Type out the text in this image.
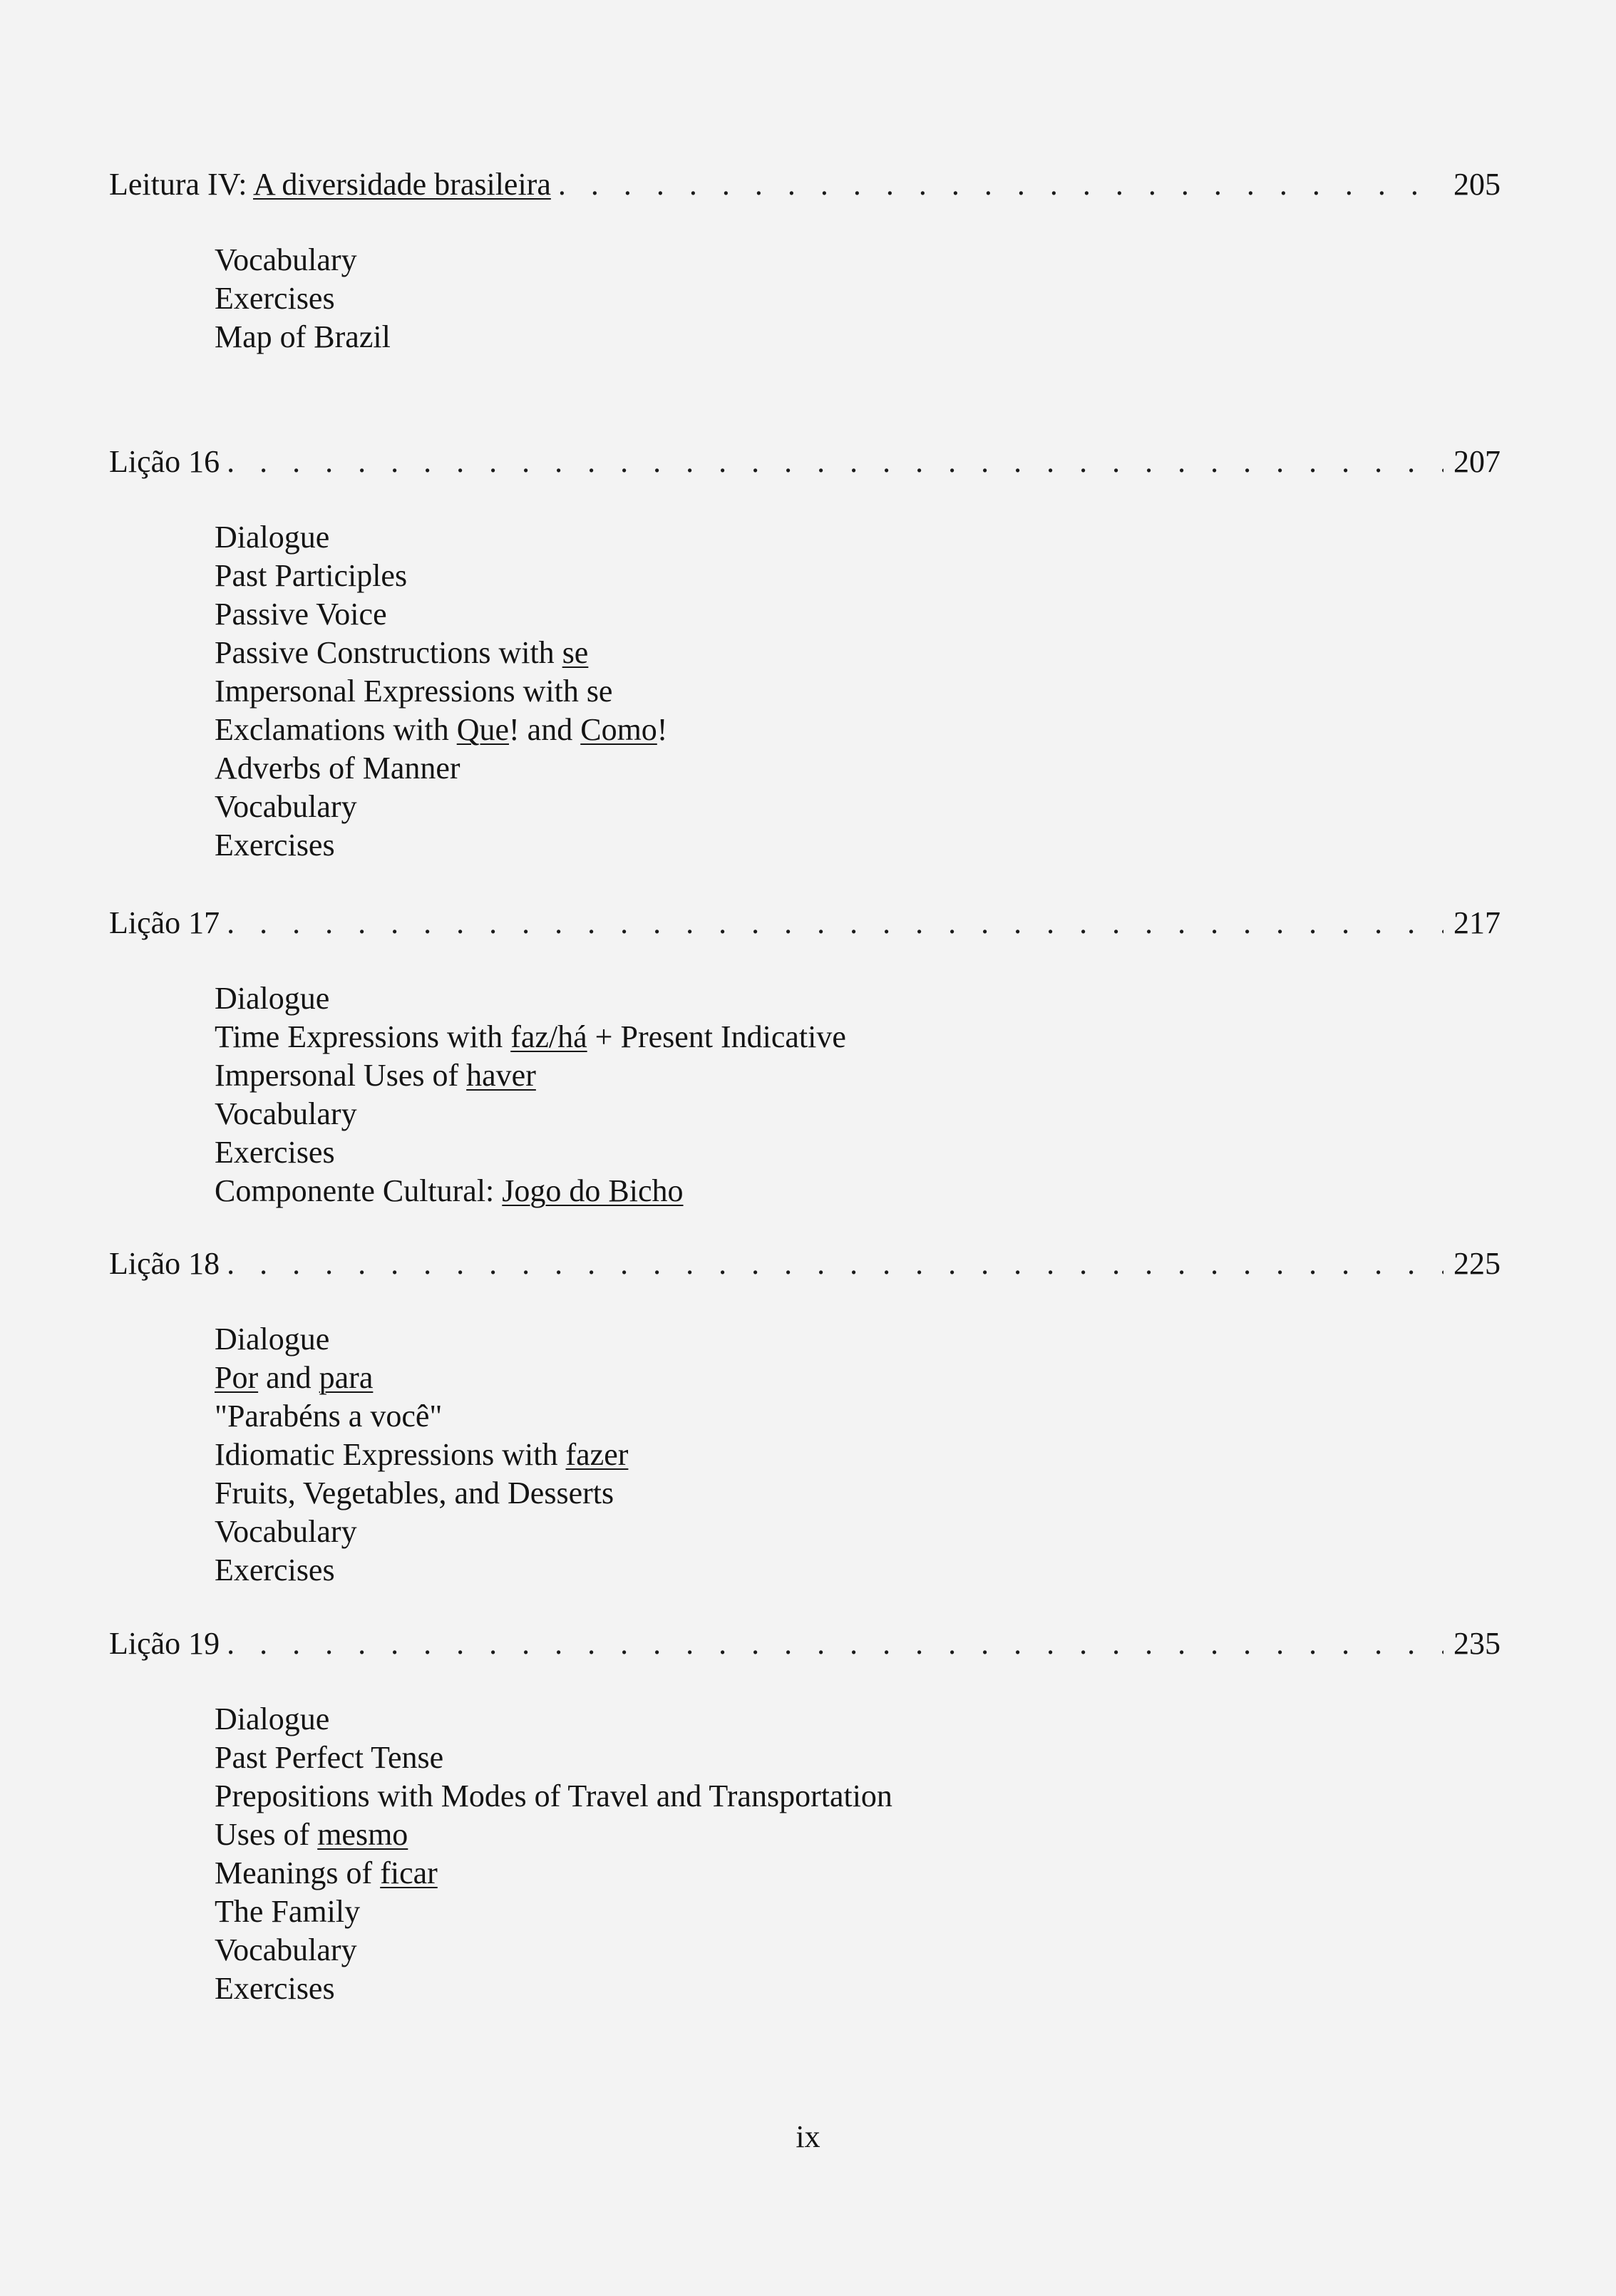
Leitura IV: A diversidade brasileira . . .	205
Vocabulary
Exercises
Map of Brazil
Lição 16 . . .	207
Dialogue
Past Participles
Passive Voice
Passive Constructions with se
Impersonal Expressions with se
Exclamations with Que! and Como!
Adverbs of Manner
Vocabulary
Exercises
Lição 17 . . .	217
Dialogue
Time Expressions with faz/há + Present Indicative
Impersonal Uses of haver
Vocabulary
Exercises
Componente Cultural: Jogo do Bicho
Lição 18 . . .	225
Dialogue
Por and para
"Parabéns a você"
Idiomatic Expressions with fazer
Fruits, Vegetables, and Desserts
Vocabulary
Exercises
Lição 19 . . .	235
Dialogue
Past Perfect Tense
Prepositions with Modes of Travel and Transportation
Uses of mesmo
Meanings of ficar
The Family
Vocabulary
Exercises
ix
